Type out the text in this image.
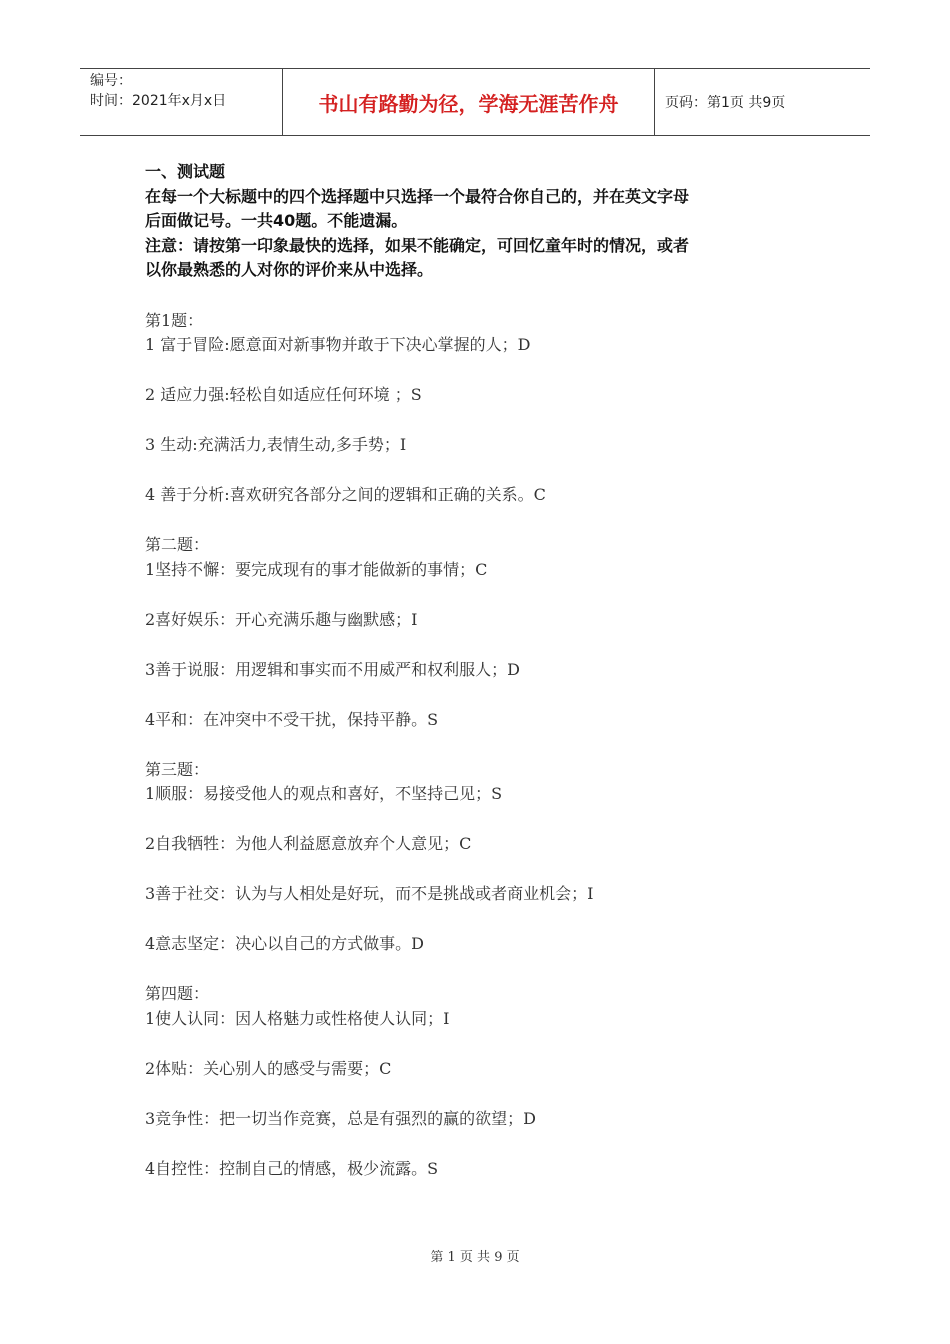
编号：
时间：2021年x月x日	书山有路勤为径，学海无涯苦作舟	页码：第1页 共9页
一、测试题
在每一个大标题中的四个选择题中只选择一个最符合你自己的，并在英文字母
后面做记号。一共40题。不能遗漏。
注意：请按第一印象最快的选择，如果不能确定，可回忆童年时的情况，或者
以你最熟悉的人对你的评价来从中选择。
第1题：
1 富于冒险:愿意面对新事物并敢于下决心掌握的人；D
2 适应力强:轻松自如适应任何环境 ；S
3 生动:充满活力,表情生动,多手势；I
4 善于分析:喜欢研究各部分之间的逻辑和正确的关系。C
第二题：
1坚持不懈：要完成现有的事才能做新的事情；C
2喜好娱乐：开心充满乐趣与幽默感；I
3善于说服：用逻辑和事实而不用威严和权利服人；D
4平和：在冲突中不受干扰，保持平静。S
第三题：
1顺服：易接受他人的观点和喜好，不坚持己见；S
2自我牺牲：为他人利益愿意放弃个人意见；C
3善于社交：认为与人相处是好玩，而不是挑战或者商业机会；I
4意志坚定：决心以自己的方式做事。D
第四题：
1使人认同：因人格魅力或性格使人认同；I
2体贴：关心别人的感受与需要；C
3竞争性：把一切当作竞赛，总是有强烈的赢的欲望；D
4自控性：控制自己的情感，极少流露。S
第 1 页 共 9 页
